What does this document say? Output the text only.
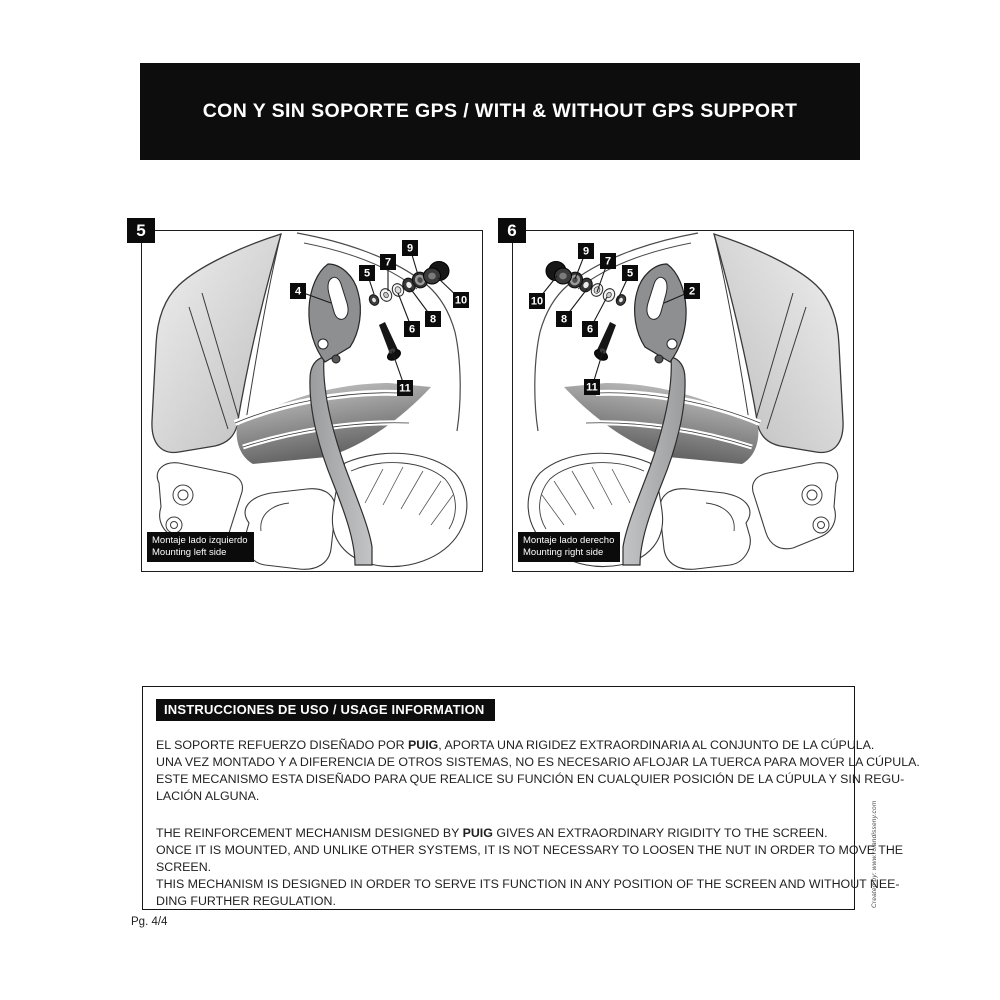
CON Y SIN SOPORTE GPS / WITH & WITHOUT GPS SUPPORT
5
4
5
7
9
10
8
6
11
Montaje lado izquierdo
Mounting left side
6
9
7
5
2
10
8
6
11
Montaje lado derecho
Mounting right side
INSTRUCCIONES DE USO / USAGE INFORMATION
EL SOPORTE REFUERZO DISEÑADO POR PUIG, APORTA UNA RIGIDEZ EXTRAORDINARIA AL CONJUNTO DE LA CÚPULA.
UNA VEZ MONTADO Y A DIFERENCIA DE OTROS SISTEMAS, NO ES NECESARIO AFLOJAR LA TUERCA PARA MOVER LA CÚPULA.
ESTE MECANISMO ESTA DISEÑADO PARA QUE REALICE SU FUNCIÓN EN CUALQUIER POSICIÓN DE LA CÚPULA Y SIN REGU-
LACIÓN ALGUNA.
THE REINFORCEMENT MECHANISM DESIGNED BY PUIG GIVES AN EXTRAORDINARY RIGIDITY TO THE SCREEN.
ONCE IT IS MOUNTED, AND UNLIKE OTHER SYSTEMS, IT IS NOT NECESSARY TO LOOSEN THE NUT IN ORDER TO MOVE THE
SCREEN.
THIS MECHANISM IS DESIGNED IN ORDER TO SERVE ITS FUNCTION IN ANY POSITION OF THE SCREEN AND WITHOUT NEE-
DING FURTHER REGULATION.
Pg. 4/4
Created by: www.rolandisseny.com
